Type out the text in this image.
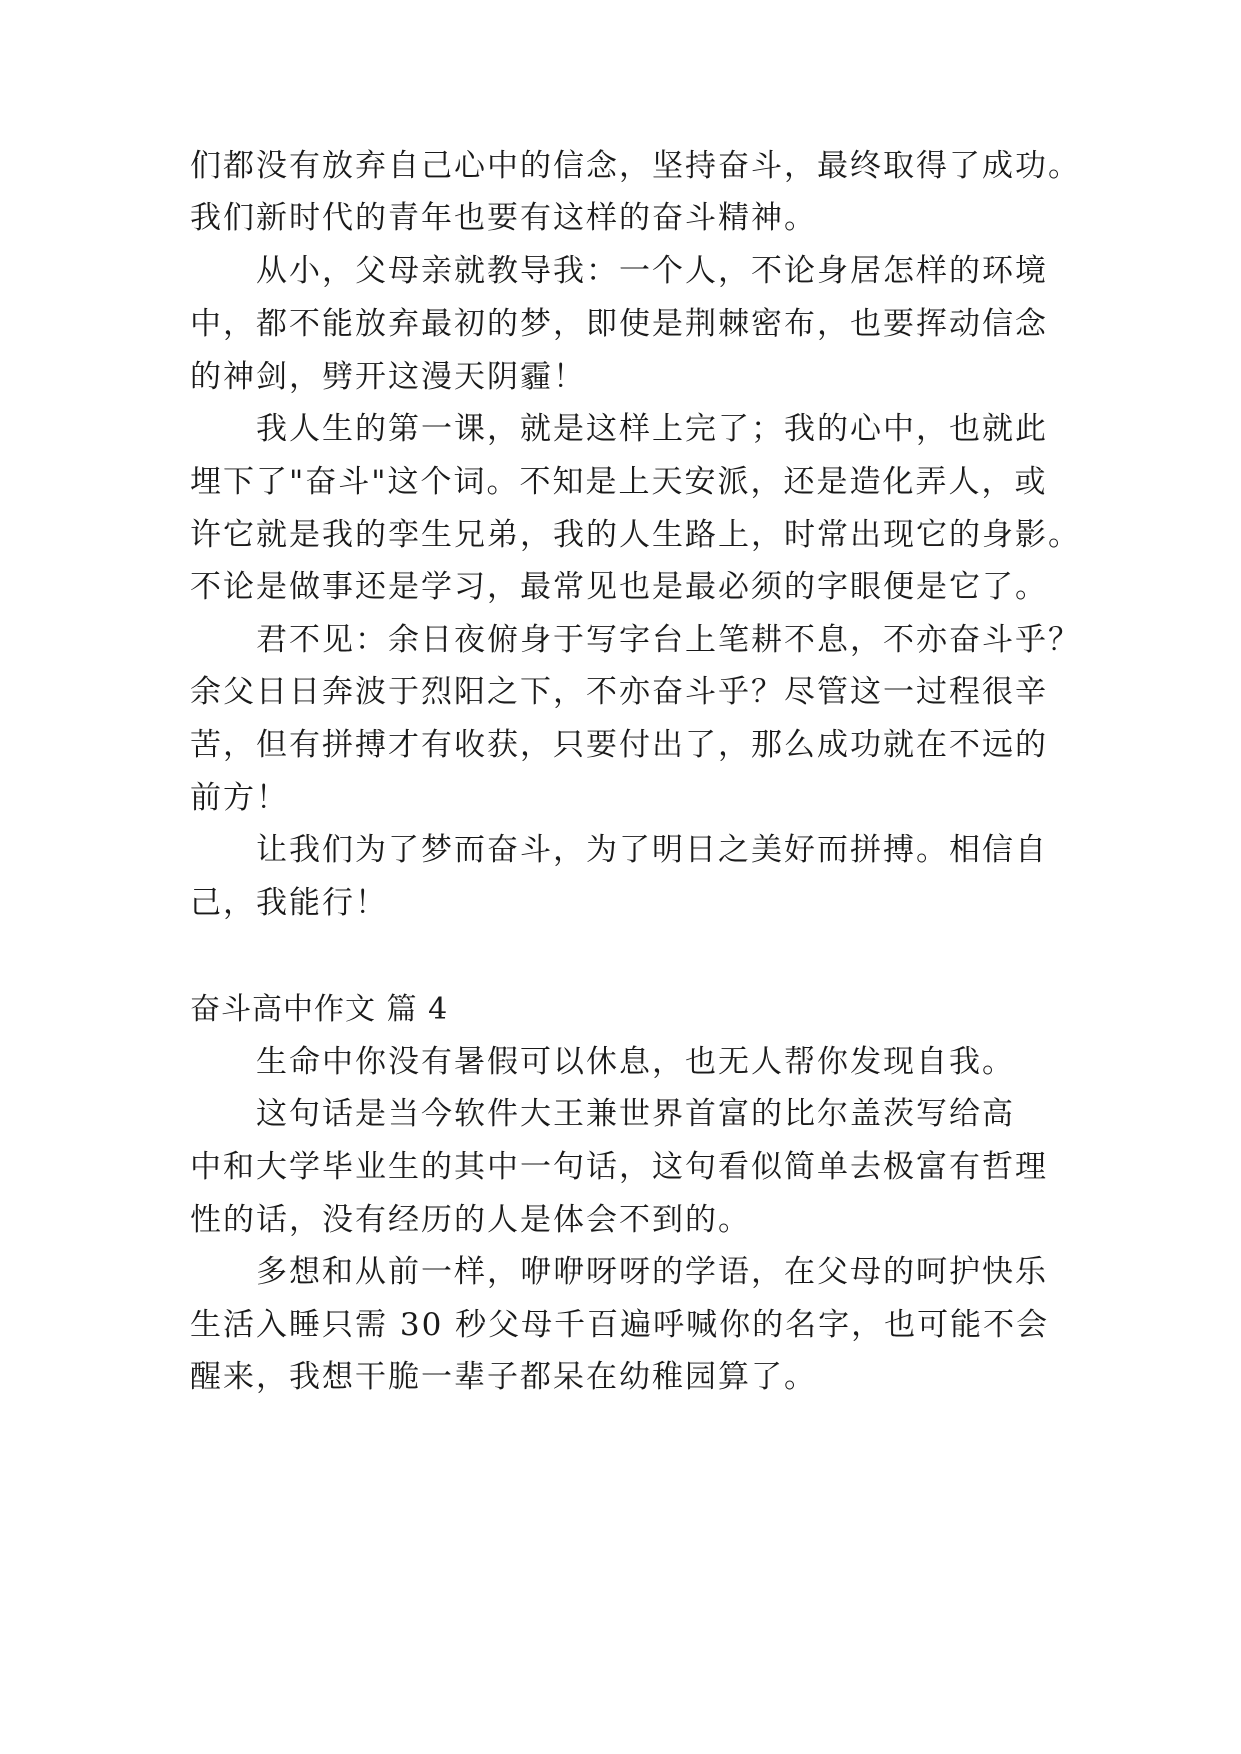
们都没有放弃自己心中的信念，坚持奋斗，最终取得了成功。
我们新时代的青年也要有这样的奋斗精神。
从小，父母亲就教导我：一个人，不论身居怎样的环境
中，都不能放弃最初的梦，即使是荆棘密布，也要挥动信念
的神剑，劈开这漫天阴霾！
我人生的第一课，就是这样上完了；我的心中，也就此
埋下了"奋斗"这个词。不知是上天安派，还是造化弄人，或
许它就是我的孪生兄弟，我的人生路上，时常出现它的身影。
不论是做事还是学习，最常见也是最必须的字眼便是它了。
君不见：余日夜俯身于写字台上笔耕不息，不亦奋斗乎？
余父日日奔波于烈阳之下，不亦奋斗乎？尽管这一过程很辛
苦，但有拼搏才有收获，只要付出了，那么成功就在不远的
前方！
让我们为了梦而奋斗，为了明日之美好而拼搏。相信自
己，我能行！
奋斗高中作文 篇 4
生命中你没有暑假可以休息，也无人帮你发现自我。
这句话是当今软件大王兼世界首富的比尔盖茨写给高
中和大学毕业生的其中一句话，这句看似简单去极富有哲理
性的话，没有经历的人是体会不到的。
多想和从前一样，咿咿呀呀的学语，在父母的呵护快乐
生活入睡只需 30 秒父母千百遍呼喊你的名字，也可能不会
醒来，我想干脆一辈子都呆在幼稚园算了。
